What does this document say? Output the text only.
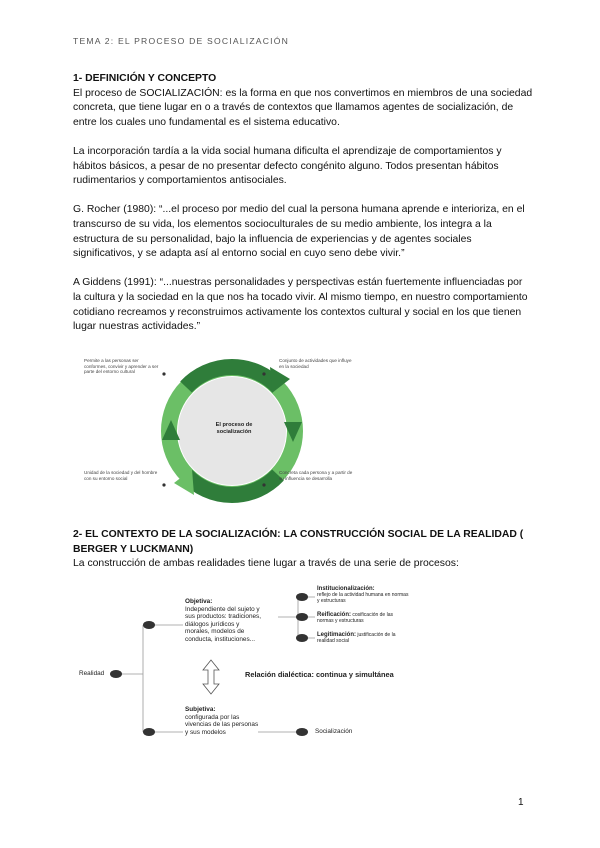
TEMA 2: EL PROCESO DE SOCIALIZACIÓN
1- DEFINICIÓN Y CONCEPTO

El proceso de SOCIALIZACIÓN: es la forma en que nos convertimos en miembros de una sociedad concreta, que tiene lugar en o a través de contextos que llamamos agentes de socialización, de entre los cuales uno fundamental es el sistema educativo.

La incorporación tardía a la vida social humana dificulta el aprendizaje de comportamientos y hábitos básicos, a pesar de no presentar defecto congénito alguno. Todos presentan hábitos rudimentarios y comportamientos antisociales.

G. Rocher (1980): “...el proceso por medio del cual la persona humana aprende e interioriza, en el transcurso de su vida, los elementos socioculturales de su medio ambiente, los integra a la estructura de su personalidad, bajo la influencia de experiencias y de agentes sociales significativos, y se adapta así al entorno social en cuyo seno debe vivir.”

A Giddens (1991): “...nuestras personalidades y perspectivas están fuertemente influenciadas por la cultura y la sociedad en la que nos ha tocado vivir. Al mismo tiempo, en nuestro comportamiento cotidiano recreamos y reconstruimos activamente los contextos cultural y social en los que tienen lugar nuestras actividades.”

El proceso de socialización
Permite a las personas ser conformes, convivir y aprender a ser parte del entorno cultural
Conjunto de actividades que influye en la sociedad
Unidad de la sociedad y del hombre con su entorno social
Concreta cada persona y a partir de su influencia se desarrolla
2- EL CONTEXTO DE LA SOCIALIZACIÓN: LA CONSTRUCCIÓN SOCIAL DE LA REALIDAD ( BERGER Y LUCKMANN)
La construcción de ambas realidades tiene lugar a través de una serie de procesos:
Realidad
Objetiva:
Independiente del sujeto y sus productos: tradiciones, diálogos jurídicos y morales, modelos de conducta, instituciones...
Subjetiva:
configurada por las vivencias de las personas y sus modelos
Institucionalización:
reflejo de la actividad humana en normas y estructuras
Reificación: cosificación de las normas y estructuras
Legitimación: justificación de la realidad social
Relación dialéctica: continua y simultánea
Socialización
1
